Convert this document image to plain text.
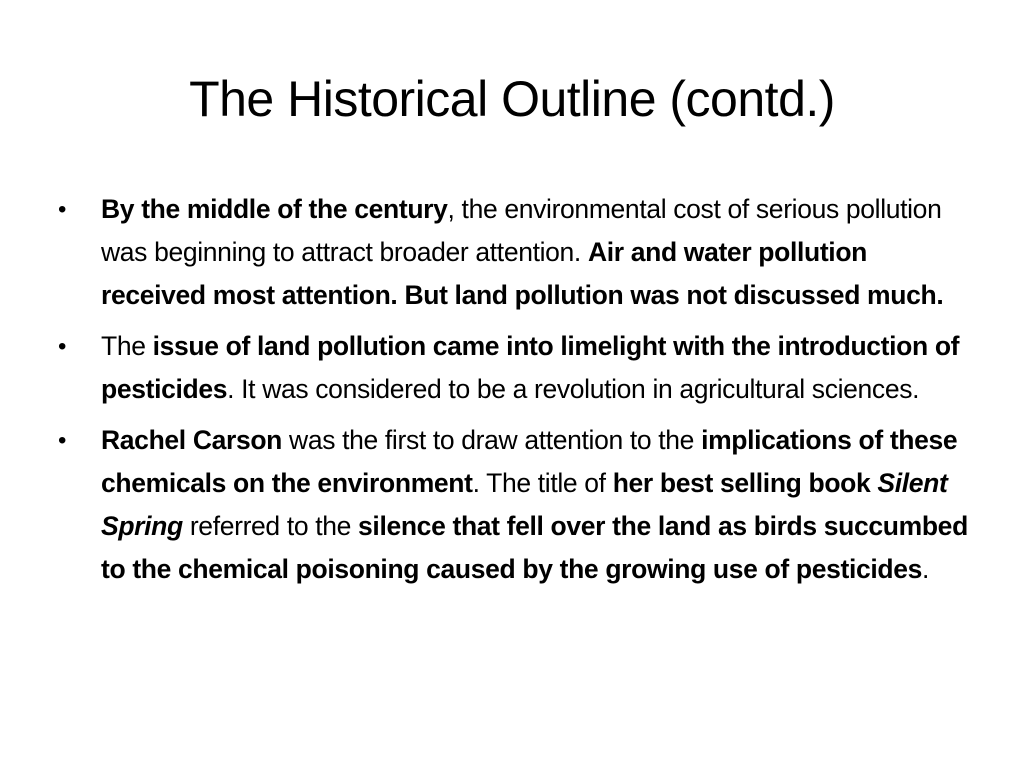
The Historical Outline (contd.)
•	By the middle of the century, the environmental cost of serious pollution was beginning to attract broader attention. Air and water pollution received most attention. But land pollution was not discussed much.
•	The issue of land pollution came into limelight with the introduction of pesticides. It was considered to be a revolution in agricultural sciences.
•	Rachel Carson was the first to draw attention to the implications of these chemicals on the environment. The title of her best selling book Silent Spring referred to the silence that fell over the land as birds succumbed to the chemical poisoning caused by the growing use of pesticides.
